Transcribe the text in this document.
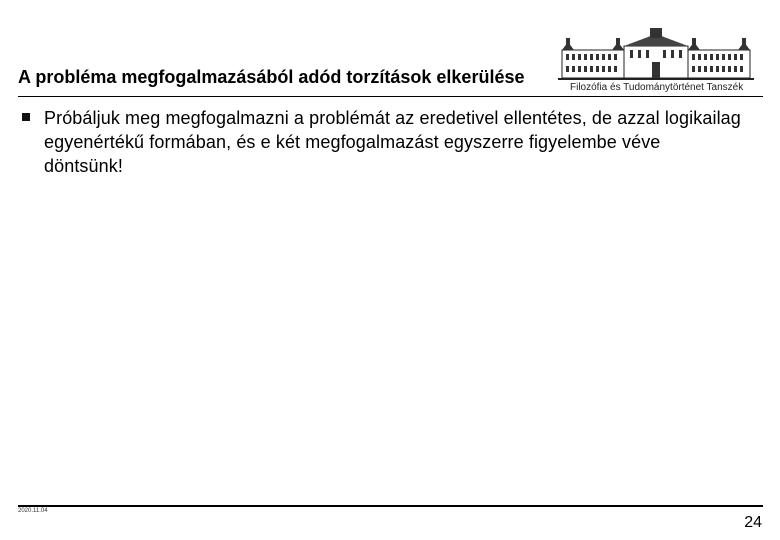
A probléma megfogalmazásából adód torzítások elkerülése
Filozófia és Tudománytörténet Tanszék
Próbáljuk meg megfogalmazni a problémát az eredetivel ellentétes, de azzal logikailag egyenértékű formában, és e két megfogalmazást egyszerre figyelembe véve döntsünk!
2020.11.04
24
